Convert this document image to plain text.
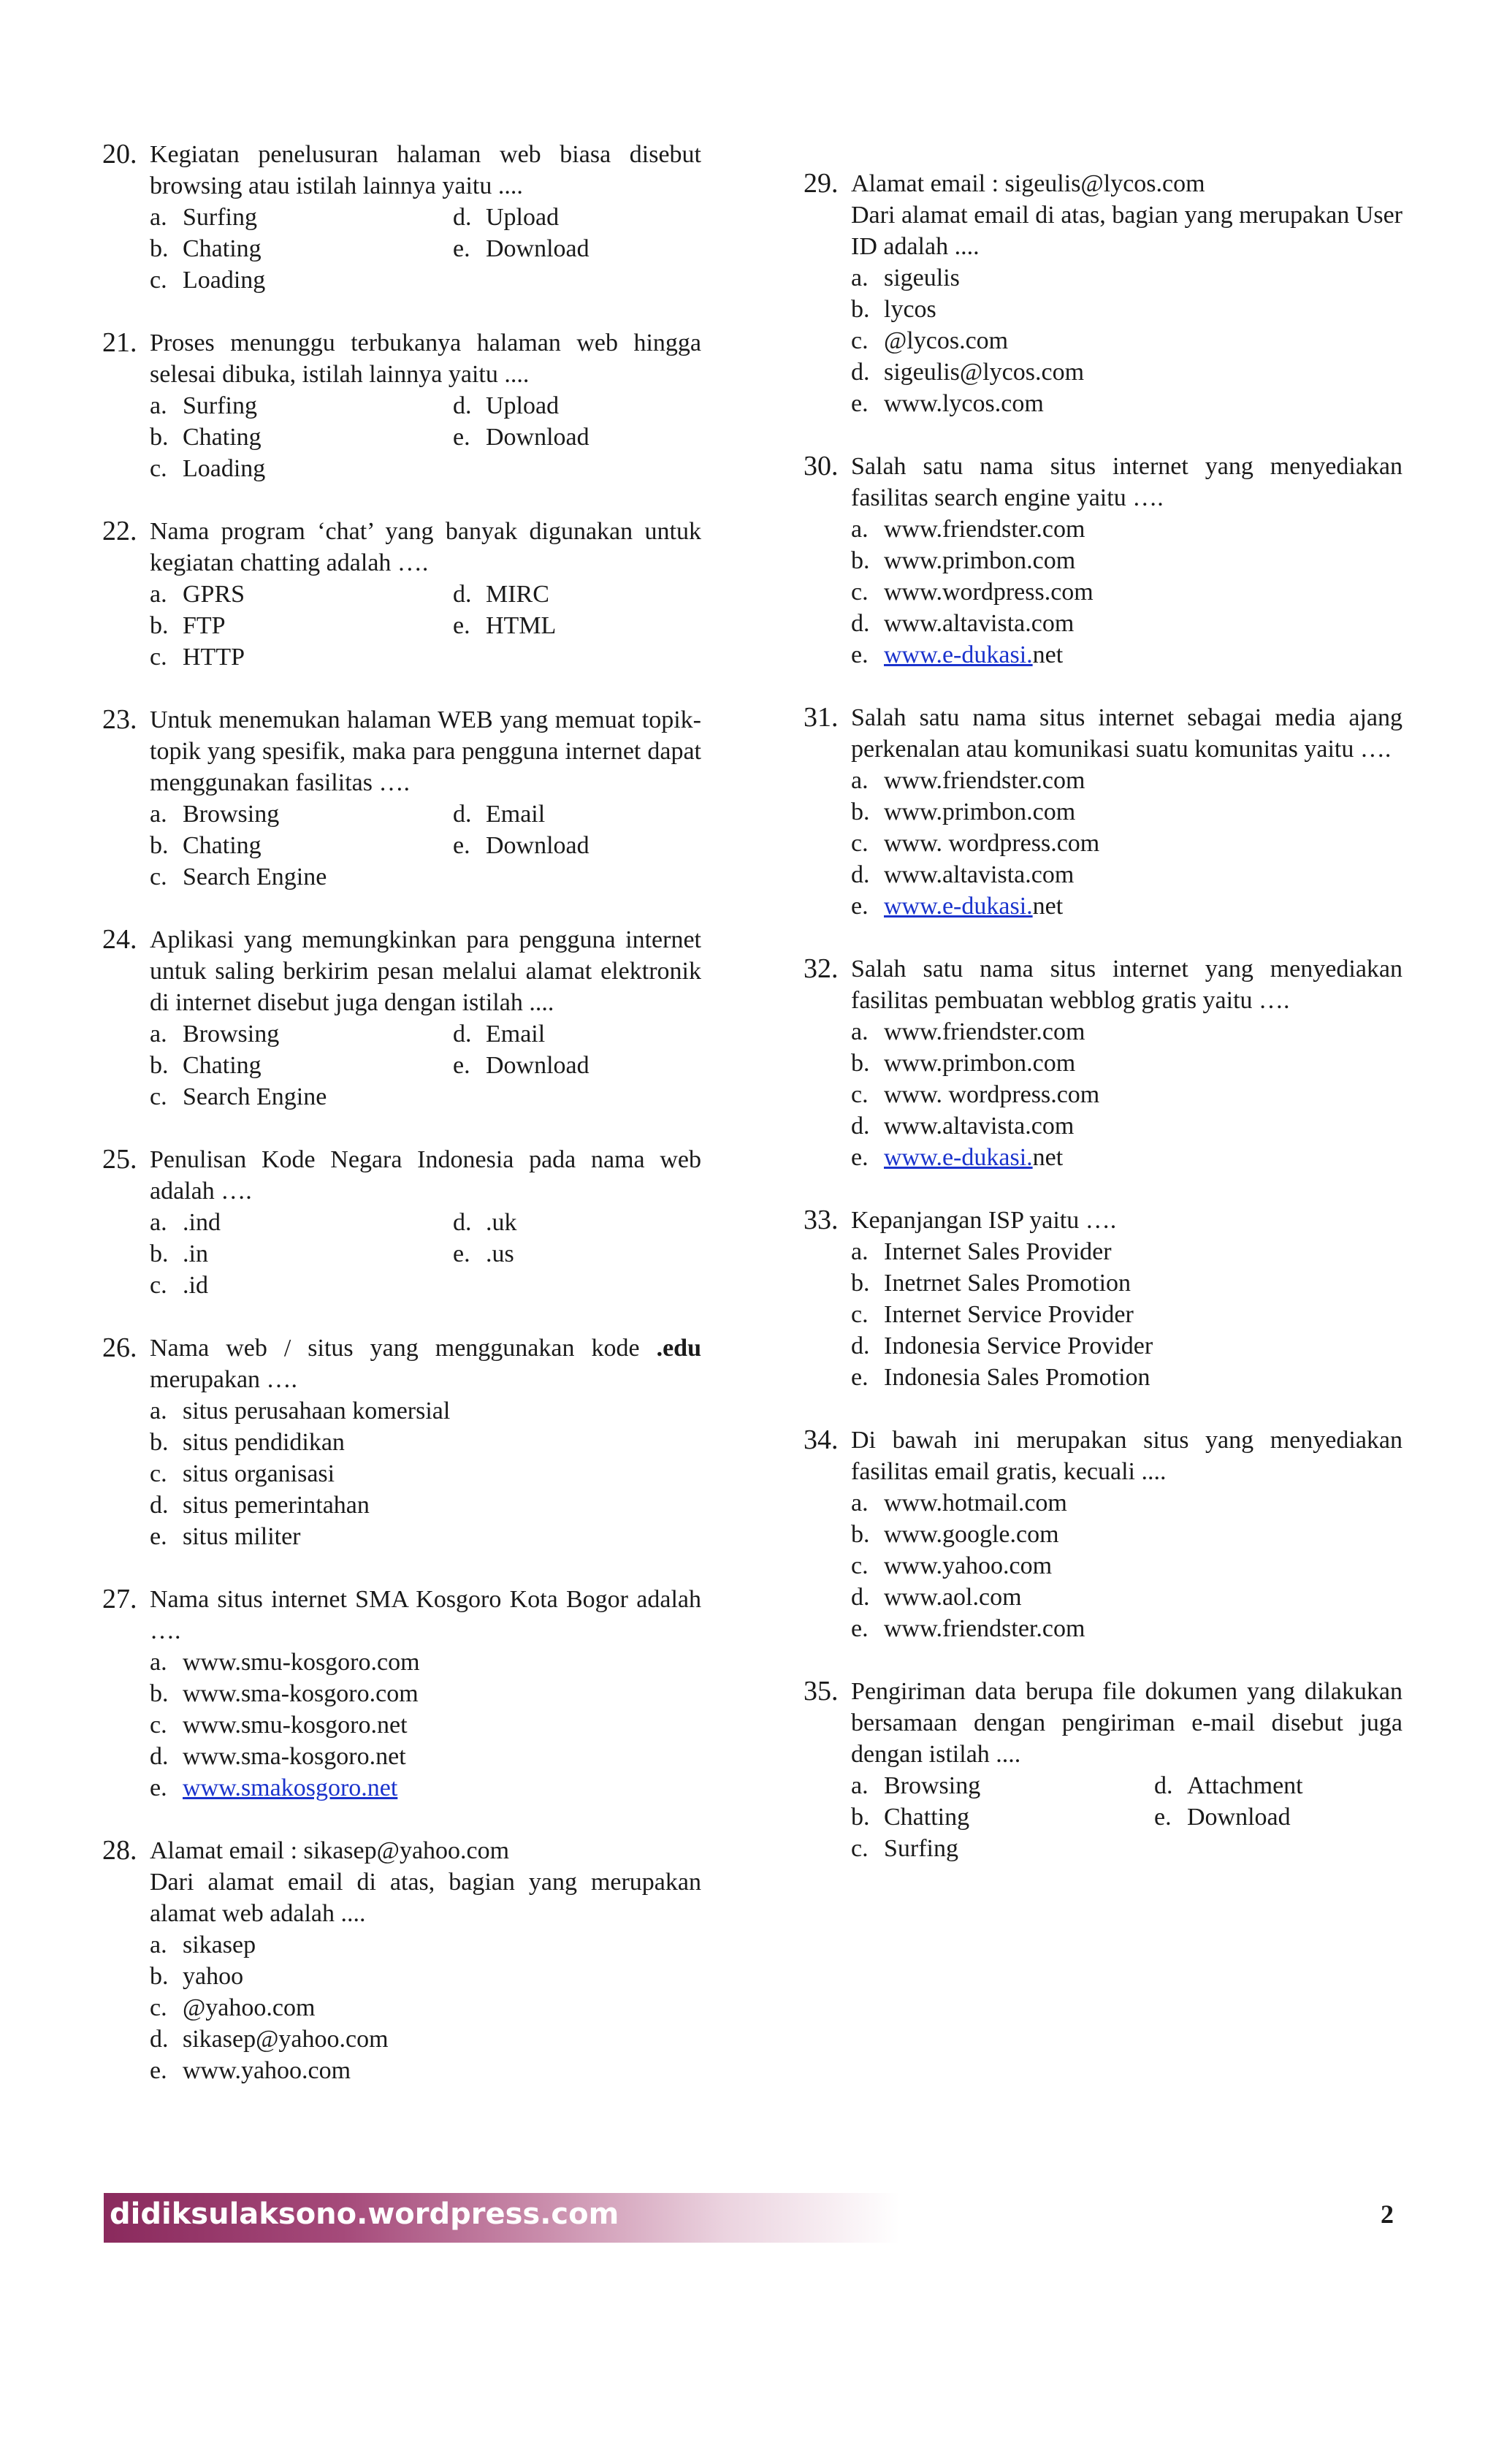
20. Kegiatan penelusuran halaman web biasa disebut browsing atau istilah lainnya yaitu ....
a. Surfing	d. Upload
b. Chating	e. Download
c. Loading
21. Proses menunggu terbukanya halaman web hingga selesai dibuka, istilah lainnya yaitu ....
a. Surfing	d. Upload
b. Chating	e. Download
c. Loading
22. Nama program ‘chat’ yang banyak digunakan untuk kegiatan chatting adalah ….
a. GPRS	d. MIRC
b. FTP	e. HTML
c. HTTP
23. Untuk menemukan halaman WEB yang memuat topik-topik yang spesifik, maka para pengguna internet dapat menggunakan fasilitas ….
a. Browsing	d. Email
b. Chating	e. Download
c. Search Engine
24. Aplikasi yang memungkinkan para pengguna internet untuk saling berkirim pesan melalui alamat elektronik di internet disebut juga dengan istilah ....
a. Browsing	d. Email
b. Chating	e. Download
c. Search Engine
25. Penulisan Kode Negara Indonesia pada nama web adalah ….
a. .ind	d. .uk
b. .in	e. .us
c. .id
26. Nama web / situs yang menggunakan kode .edu merupakan ….
a. situs perusahaan komersial
b. situs pendidikan
c. situs organisasi
d. situs pemerintahan
e. situs militer
27. Nama situs internet SMA Kosgoro Kota Bogor adalah ….
a. www.smu-kosgoro.com
b. www.sma-kosgoro.com
c. www.smu-kosgoro.net
d. www.sma-kosgoro.net
e. www.smakosgoro.net
28. Alamat email : sikasep@yahoo.com
Dari alamat email di atas, bagian yang merupakan alamat web adalah ....
a. sikasep
b. yahoo
c. @yahoo.com
d. sikasep@yahoo.com
e. www.yahoo.com
29. Alamat email : sigeulis@lycos.com
Dari alamat email di atas, bagian yang merupakan User ID adalah ....
a. sigeulis
b. lycos
c. @lycos.com
d. sigeulis@lycos.com
e. www.lycos.com
30. Salah satu nama situs internet yang menyediakan fasilitas search engine yaitu ….
a. www.friendster.com
b. www.primbon.com
c. www.wordpress.com
d. www.altavista.com
e. www.e-dukasi.net
31. Salah satu nama situs internet sebagai media ajang perkenalan atau komunikasi suatu komunitas yaitu ….
a. www.friendster.com
b. www.primbon.com
c. www. wordpress.com
d. www.altavista.com
e. www.e-dukasi.net
32. Salah satu nama situs internet yang menyediakan fasilitas pembuatan webblog gratis yaitu ….
a. www.friendster.com
b. www.primbon.com
c. www. wordpress.com
d. www.altavista.com
e. www.e-dukasi.net
33. Kepanjangan ISP yaitu ….
a. Internet Sales Provider
b. Inetrnet Sales Promotion
c. Internet Service Provider
d. Indonesia Service Provider
e. Indonesia Sales Promotion
34. Di bawah ini merupakan situs yang menyediakan fasilitas email gratis, kecuali ....
a. www.hotmail.com
b. www.google.com
c. www.yahoo.com
d. www.aol.com
e. www.friendster.com
35. Pengiriman data berupa file dokumen yang dilakukan bersamaan dengan pengiriman e-mail disebut juga dengan istilah ....
a. Browsing	d. Attachment
b. Chatting	e. Download
c. Surfing
didiksulaksono.wordpress.com	2
